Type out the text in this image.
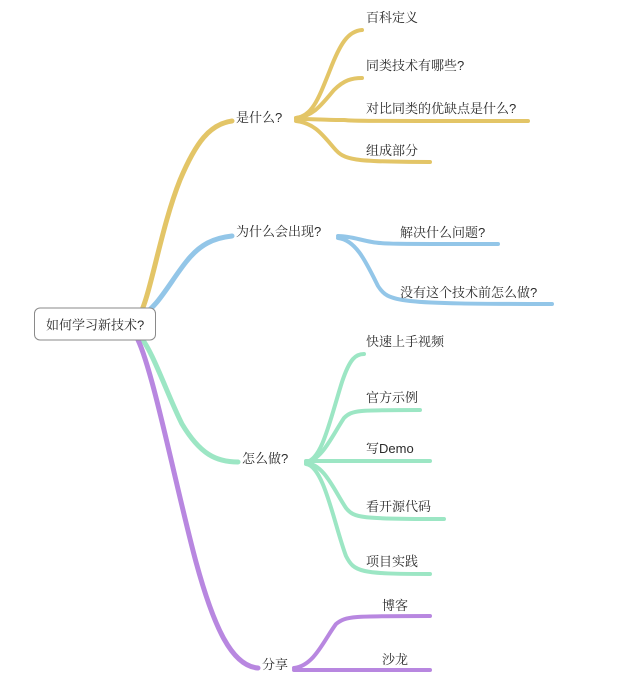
如何学习新技术?
是什么?
百科定义
同类技术有哪些?
对比同类的优缺点是什么?
组成部分
为什么会出现?	解决什么问题?
没有这个技术前怎么做?
怎么做?
快速上手视频
官方示例
写Demo
看开源代码
项目实践
分享
博客
沙龙
